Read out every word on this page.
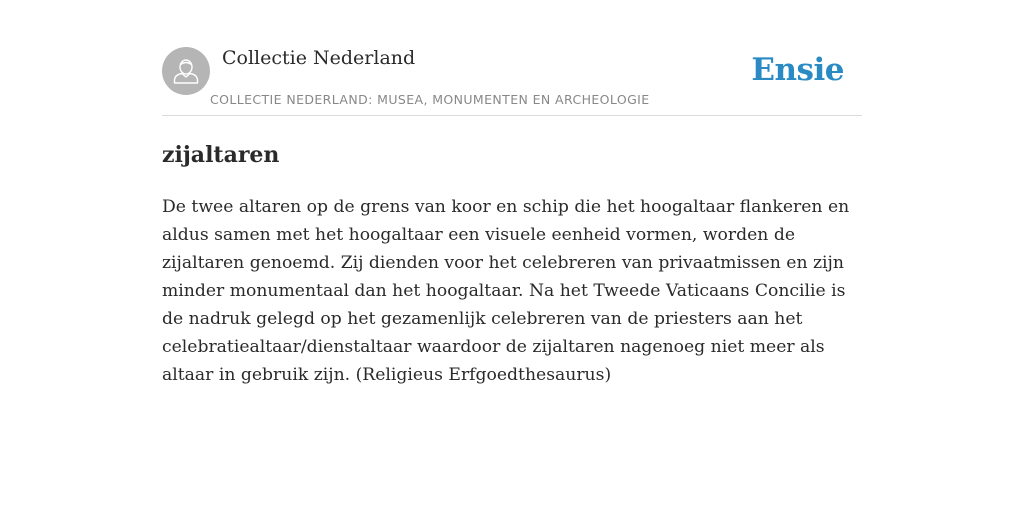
Collectie Nederland
COLLECTIE NEDERLAND: MUSEA, MONUMENTEN EN ARCHEOLOGIE
Ensie
zijaltaren

De twee altaren op de grens van koor en schip die het hoogaltaar flankeren en aldus samen met het hoogaltaar een visuele eenheid vormen, worden de zijaltaren genoemd. Zij dienden voor het celebreren van privaatmissen en zijn minder monumentaal dan het hoogaltaar. Na het Tweede Vaticaans Concilie is de nadruk gelegd op het gezamenlijk celebreren van de priesters aan het celebratiealtaar/dienstaltaar waardoor de zijaltaren nagenoeg niet meer als altaar in gebruik zijn. (Religieus Erfgoedthesaurus)
